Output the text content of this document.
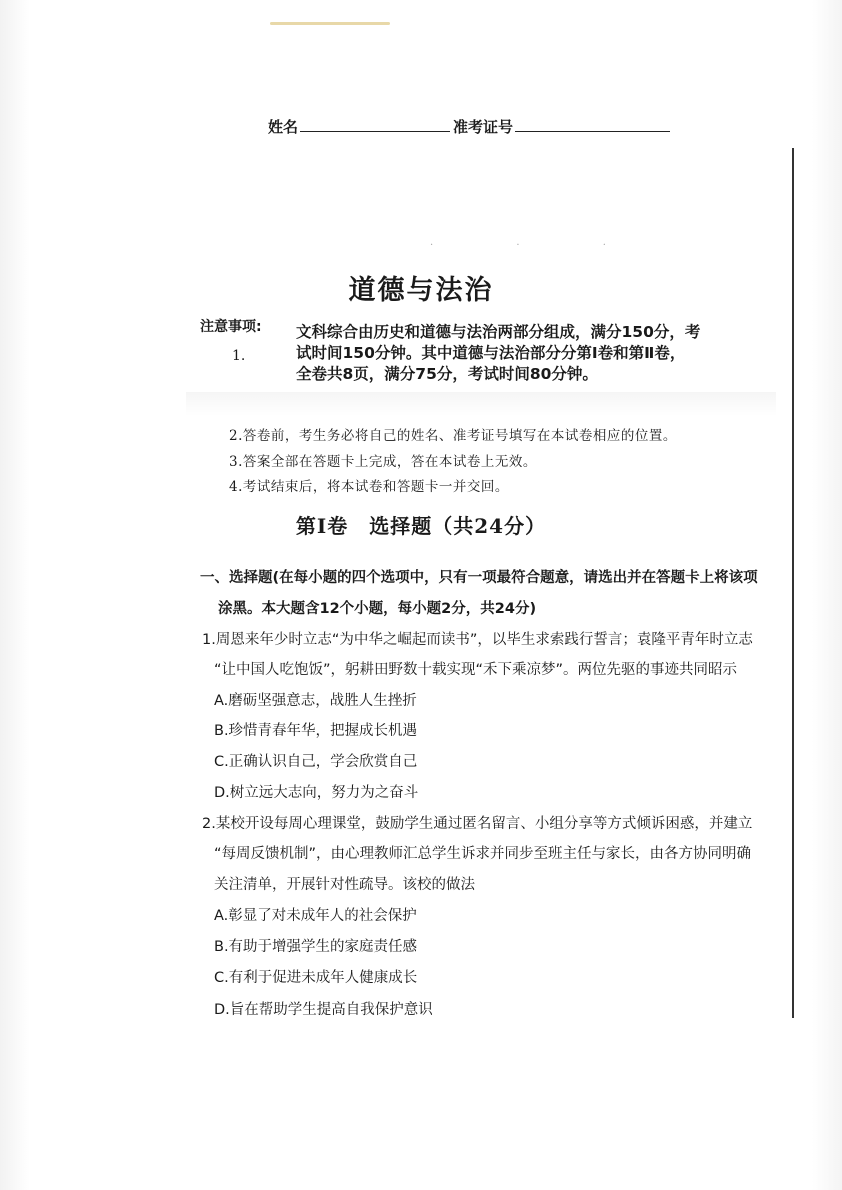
姓名	准考证号
· · ·
道德与法治
注意事项:
1.
文科综合由历史和道德与法治两部分组成，满分150分，考
试时间150分钟。其中道德与法治部分分第Ⅰ卷和第Ⅱ卷，
全卷共8页，满分75分，考试时间80分钟。
2.答卷前，考生务必将自己的姓名、准考证号填写在本试卷相应的位置。
3.答案全部在答题卡上完成，答在本试卷上无效。
4.考试结束后，将本试卷和答题卡一并交回。
第Ⅰ卷　选择题（共24分）
一、选择题(在每小题的四个选项中，只有一项最符合题意，请选出并在答题卡上将该项
涂黑。本大题含12个小题，每小题2分，共24分)
1.周恩来年少时立志“为中华之崛起而读书”，以毕生求索践行誓言；袁隆平青年时立志
“让中国人吃饱饭”，躬耕田野数十载实现“禾下乘凉梦”。两位先驱的事迹共同昭示
A.磨砺坚强意志，战胜人生挫折
B.珍惜青春年华，把握成长机遇
C.正确认识自己，学会欣赏自己
D.树立远大志向，努力为之奋斗
2.某校开设每周心理课堂，鼓励学生通过匿名留言、小组分享等方式倾诉困惑，并建立
“每周反馈机制”，由心理教师汇总学生诉求并同步至班主任与家长，由各方协同明确
关注清单，开展针对性疏导。该校的做法
A.彰显了对未成年人的社会保护
B.有助于增强学生的家庭责任感
C.有利于促进未成年人健康成长
D.旨在帮助学生提高自我保护意识
